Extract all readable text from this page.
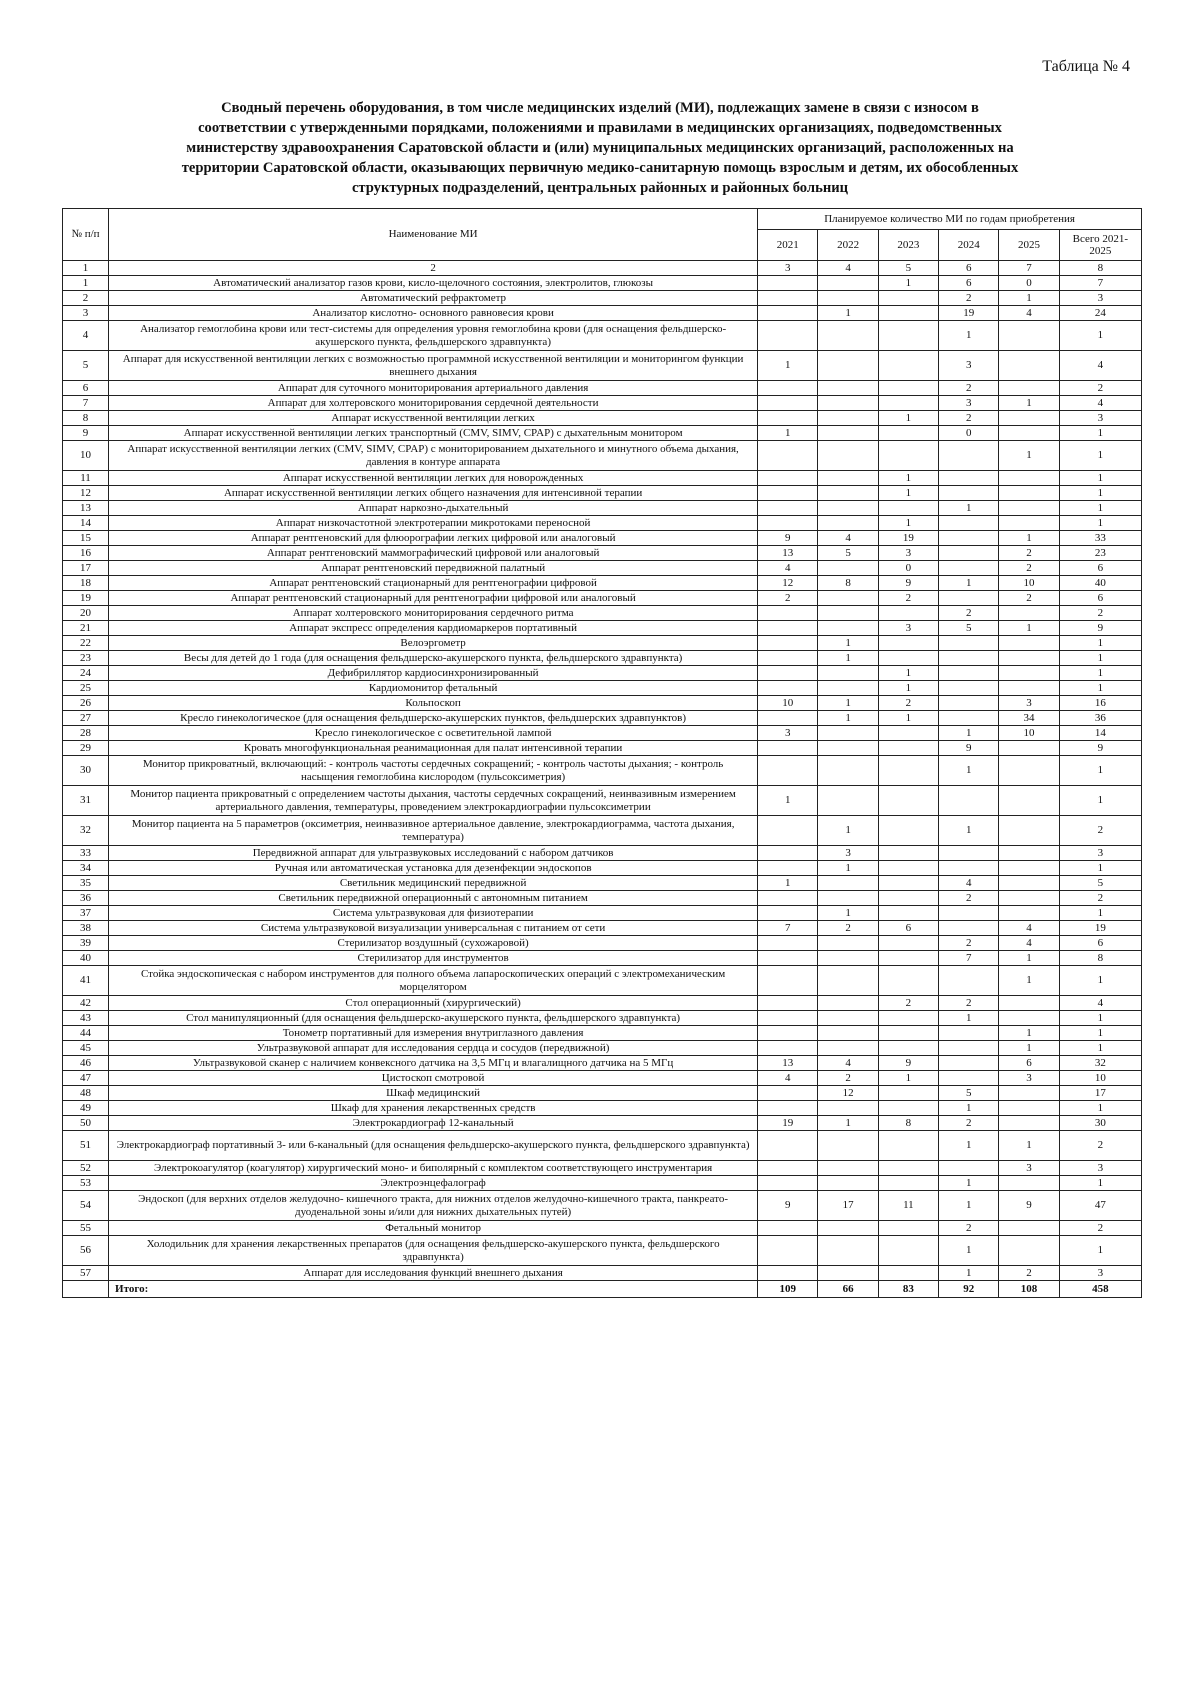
Таблица № 4
Сводный перечень оборудования, в том числе медицинских изделий (МИ), подлежащих замене в связи с износом в
соответствии с утвержденными порядками, положениями и правилами в медицинских организациях, подведомственных
министерству здравоохранения Саратовской области и (или) муниципальных медицинских организаций, расположенных на
территории Саратовской области, оказывающих первичную медико-санитарную помощь взрослым и детям, их обособленных
структурных подразделений, центральных районных и районных больниц
№ п/п	Наименование МИ	Планируемое количество МИ по годам приобретения					
		2021	2022	2023	2024	2025	Всего 2021-2025
1	2	3	4	5	6	7	8
1	Автоматический анализатор газов крови, кисло-щелочного состояния, электролитов, глюкозы			1	6	0	7
2	Автоматический рефрактометр				2	1	3
3	Анализатор кислотно- основного равновесия крови		1		19	4	24
4	Анализатор гемоглобина крови или тест-системы для определения уровня гемоглобина крови (для оснащения фельдшерско-акушерского пункта, фельдшерского здравпункта)				1		1
5	Аппарат для искусственной вентиляции легких с возможностью программной искусственной вентиляции и мониторингом функции внешнего дыхания	1			3		4
6	Аппарат для суточного мониторирования артериального давления				2		2
7	Аппарат для холтеровского мониторирования сердечной деятельности				3	1	4
8	Аппарат искусственной вентиляции легких			1	2		3
9	Аппарат искусственной вентиляции легких транспортный (CMV, SIMV, CPAP) с дыхательным монитором	1			0		1
10	Аппарат искусственной вентиляции легких (CMV, SIMV, CPAP) с мониторированием дыхательного и минутного объема дыхания, давления в контуре аппарата					1	1
11	Аппарат искусственной вентиляции легких для новорожденных			1			1
12	Аппарат искусственной вентиляции легких общего назначения для интенсивной терапии			1			1
13	Аппарат наркозно-дыхательный				1		1
14	Аппарат низкочастотной электротерапии микротоками переносной			1			1
15	Аппарат рентгеновский для флюорографии легких цифровой или аналоговый	9	4	19		1	33
16	Аппарат рентгеновский маммографический цифровой или аналоговый	13	5	3		2	23
17	Аппарат рентгеновский передвижной палатный	4		0		2	6
18	Аппарат рентгеновский стационарный для рентгенографии цифровой	12	8	9	1	10	40
19	Аппарат рентгеновский стационарный для рентгенографии цифровой или аналоговый	2		2		2	6
20	Аппарат холтеровского мониторирования сердечного ритма				2		2
21	Аппарат экспресс определения кардиомаркеров портативный			3	5	1	9
22	Велоэргометр		1				1
23	Весы для детей до 1 года (для оснащения фельдшерско-акушерского пункта, фельдшерского здравпункта)		1				1
24	Дефибриллятор кардиосинхронизированный			1			1
25	Кардиомонитор фетальный			1			1
26	Кольпоскоп	10	1	2		3	16
27	Кресло гинекологическое (для оснащения фельдшерско-акушерских пунктов, фельдшерских здравпунктов)		1	1		34	36
28	Кресло гинекологическое с осветительной лампой	3			1	10	14
29	Кровать многофункциональная реанимационная для палат интенсивной терапии				9		9
30	Монитор прикроватный, включающий: - контроль частоты сердечных сокращений; - контроль частоты дыхания; - контроль насыщения гемоглобина кислородом (пульсоксиметрия)				1		1
31	Монитор пациента прикроватный с определением частоты дыхания, частоты сердечных сокращений, неинвазивным измерением артериального давления, температуры, проведением электрокардиографии пульсоксиметрии	1					1
32	Монитор пациента на 5 параметров (оксиметрия, неинвазивное артериальное давление, электрокардиограмма, частота дыхания, температура)		1		1		2
33	Передвижной аппарат для ультразвуковых исследований с набором датчиков		3				3
34	Ручная или автоматическая установка для дезенфекции эндоскопов		1				1
35	Светильник медицинский передвижной	1			4		5
36	Светильник передвижной операционный с автономным питанием				2		2
37	Система ультразвуковая для физиотерапии		1				1
38	Система ультразвуковой визуализации универсальная с питанием от сети	7	2	6		4	19
39	Стерилизатор воздушный (сухожаровой)				2	4	6
40	Стерилизатор для инструментов				7	1	8
41	Стойка эндоскопическая с набором инструментов для полного объема лапароскопических операций с электромеханическим морцелятором					1	1
42	Стол операционный (хирургический)			2	2		4
43	Стол манипуляционный (для оснащения фельдшерско-акушерского пункта, фельдшерского здравпункта)				1		1
44	Тонометр портативный для измерения внутриглазного давления					1	1
45	Ультразвуковой аппарат для исследования сердца и сосудов (передвижной)					1	1
46	Ультразвуковой сканер с наличием конвексного датчика на 3,5 МГц и влагалищного датчика на 5 МГц	13	4	9		6	32
47	Цистоскоп смотровой	4	2	1		3	10
48	Шкаф медицинский		12		5		17
49	Шкаф для хранения лекарственных средств				1		1
50	Электрокардиограф 12-канальный	19	1	8	2		30
51	Электрокардиограф портативный 3- или 6-канальный (для оснащения фельдшерско-акушерского пункта, фельдшерского здравпункта)				1	1	2
52	Электрокоагулятор (коагулятор) хирургический моно- и биполярный с комплектом соответствующего инструментария					3	3
53	Электроэнцефалограф				1		1
54	Эндоскоп (для верхних отделов желудочно- кишечного тракта, для нижних отделов желудочно-кишечного тракта, панкреато-дуоденальной зоны и/или для нижних дыхательных путей)	9	17	11	1	9	47
55	Фетальный монитор				2		2
56	Холодильник для хранения лекарственных препаратов (для оснащения фельдшерско-акушерского пункта, фельдшерского здравпункта)				1		1
57	Аппарат для исследования функций внешнего дыхания				1	2	3
	Итого:	109	66	83	92	108	458
